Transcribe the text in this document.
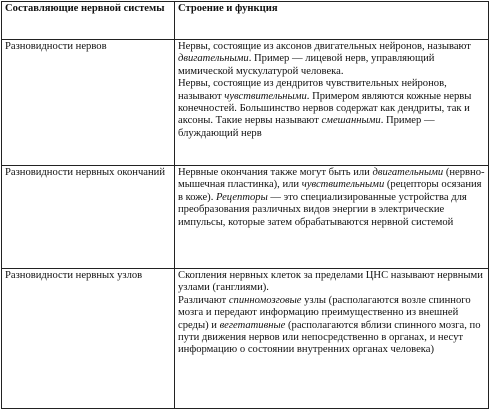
Составляющие нервной системы	Строение и функция
Разновидности нервов	Нервы, состоящие из аксонов двигательных нейронов, называют двигательными. Пример — лицевой нерв, управляющий мимической мускулатурой человека.
Нервы, состоящие из дендритов чувствительных нейронов, называют чувствительными. Примером являются кожные нервы конечностей. Большинство нервов содержат как дендриты, так и аксоны. Такие нервы называют смешанными. Пример — блуждающий нерв

Разновидности нервных окончаний	Нервные окончания также могут быть или двигательными (нервно-мышечная пластинка), или чувствительными (рецепторы осязания в коже). Рецепторы — это специализированные устройства для преобразования различных видов энергии в электрические импульсы, которые затем обрабатываются нервной системой

Разновидности нервных узлов	Скопления нервных клеток за пределами ЦНС называют нервными узлами (ганглиями).
Различают спинномозговые узлы (располагаются возле спинного мозга и передают информацию преимущественно из внешней среды) и вегетативные (располагаются вблизи спинного мозга, по пути движения нервов или непосредственно в органах, и несут информацию о состоянии внутренних органах человека)
